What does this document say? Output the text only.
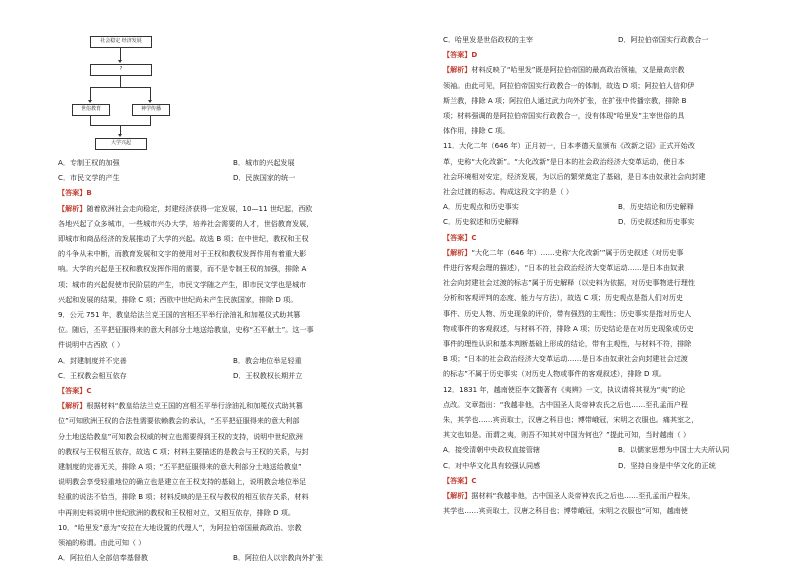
社会稳定 经济发展
?
世俗教育	神学传播
大学兴起
A．专制王权的加强	B．城市的兴起发展
C．市民文学的产生	D．民族国家的统一
【答案】B

【解析】随着欧洲社会走向稳定，封建经济获得一定发展，10—11 世纪起，西欧
各地兴起了众多城市，一些城市兴办大学，培养社会需要的人才，世俗教育发展，
即城市和商品经济的发展推动了大学的兴起。故选 B 项；在中世纪，教权和王权
的斗争从未中断，而教育发展和文字的使用对于王权和教权发挥作用有着重大影
响。大学的兴起是王权和教权发挥作用的需要，而不是专制王权的加强，排除 A
项；城市的兴起促使市民阶层的产生，市民文学随之产生，即市民文学也是城市
兴起和发展的结果，排除 C 项；西欧中世纪尚未产生民族国家，排除 D 项。

9．公元 751 年，教皇给法兰克王国的宫相丕平举行涂油礼和加冕仪式助其篡
位。随后，丕平把征服得来的意大利部分土地送给教皇，史称“丕平献土”。这一事
件说明中古西欧（ ）

A．封建制度并不完善	B．教会地位举足轻重
C．王权教会相互依存	D．王权教权长期并立
【答案】C

【解析】根据材料“教皇给法兰克王国的宫相丕平举行涂油礼和加冕仪式助其篡
位”可知欧洲王权的合法性需要依赖教会的承认，“丕平把征服得来的意大利部
分土地送给教皇”可知教会权威的树立也需要得到王权的支持，说明中世纪欧洲
的教权与王权相互依存，故选 C 项；材料主要描述的是教会与王权的关系，与封
建制度的完善无关，排除 A 项；“丕平把征服得来的意大利部分土地送给教皇”
说明教会享受轻重地位的确立也是建立在王权支持的基础上，说明教会地位举足
轻重的说法不恰当，排除 B 项；材料反映的是王权与教权的相互依存关系，材料
中再则史料说明中世纪欧洲的教权和王权相对立，又相互依存，排除 D 项。

10．“哈里发”意为“安拉在大地设置的代理人”，为阿拉伯帝国最高政治、宗教
领袖的称谓。由此可知（ ）

A．阿拉伯人全部信奉基督教	B．阿拉伯人以宗教向外扩张
C．哈里发是世俗政权的主宰	D．阿拉伯帝国实行政教合一
【答案】D

【解析】材料反映了“哈里发”既是阿拉伯帝国的最高政治领袖，又是最高宗教
领袖。由此可见，阿拉伯帝国实行政教合一的体制，故选 D 项；阿拉伯人信仰伊
斯兰教，排除 A 项；阿拉伯人通过武力向外扩张，在扩张中传播宗教，排除 B
项；材料强调的是阿拉伯帝国实行政教合一，没有体现“哈里发”主宰世俗的具
体作用，排除 C 项。

11．大化二年（646 年）正月初一，日本孝德天皇颁布《改新之诏》正式开始改
革，史称“大化改新”。“大化改新”是日本的社会政治经济大变革运动，使日本
社会环境相对安定，经济发展，为以后的繁荣奠定了基础，是日本由奴隶社会向封建
社会过渡的标志。构成这段文字的是（ ）

A．历史观点和历史事实	B．历史结论和历史解释
C．历史叙述和历史解释	D．历史叙述和历史事实
【答案】C

【解析】“大化二年（646 年）……史称‘大化改新’”属于历史叙述（对历史事
件进行客观会理的描述），“日本的社会政治经济大变革运动……是日本由奴隶
社会向封建社会过渡的标志”属于历史解释（以史料为依据，对历史事物进行理性
分析和客观评判的态度、能力与方法），故选 C 项；历史观点是指人们对历史
事件、历史人物、历史现象的评价，带有强烈的主观性；历史事实是指对历史人
物或事件的客观叙述，与材料不符，排除 A 项；历史结论是在对历史现象或历史
事件的理性认识和基本判断基础上形成的结论，带有主观性，与材料不符，排除
B 项；“日本的社会政治经济大变革运动……是日本由奴隶社会向封建社会过渡
的标志”不属于历史事实（对历史人物或事件的客观叙述），排除 D 项。

12．1831 年，越南使臣李文馥著有《夷辨》一文，执议请将其视为“夷”的论
点改。文章指出：“我越非他，古中国圣人炎帝神农氏之后也……至孔孟而户程
朱，其学也……宾贡取士，汉唐之科目也；博带峨冠，宋明之衣服也。痛其室之，
其文也如是。而谓之夷，则吾不知其对中国为何也？”提此可知，当时越南（ ）

A．接受清朝中央政权直接管辖	B．以儒家思想为中国士大夫所认同
C．对中华文化具有较强认同感	D．坚持自身是中华文化的正统
【答案】C

【解析】据材料“我越非他，古中国圣人炎帝神农氏之后也……至孔孟而户程朱，
其学也……宾贡取士，汉唐之科目也；博带峨冠，宋明之衣服也”可知，越南使
